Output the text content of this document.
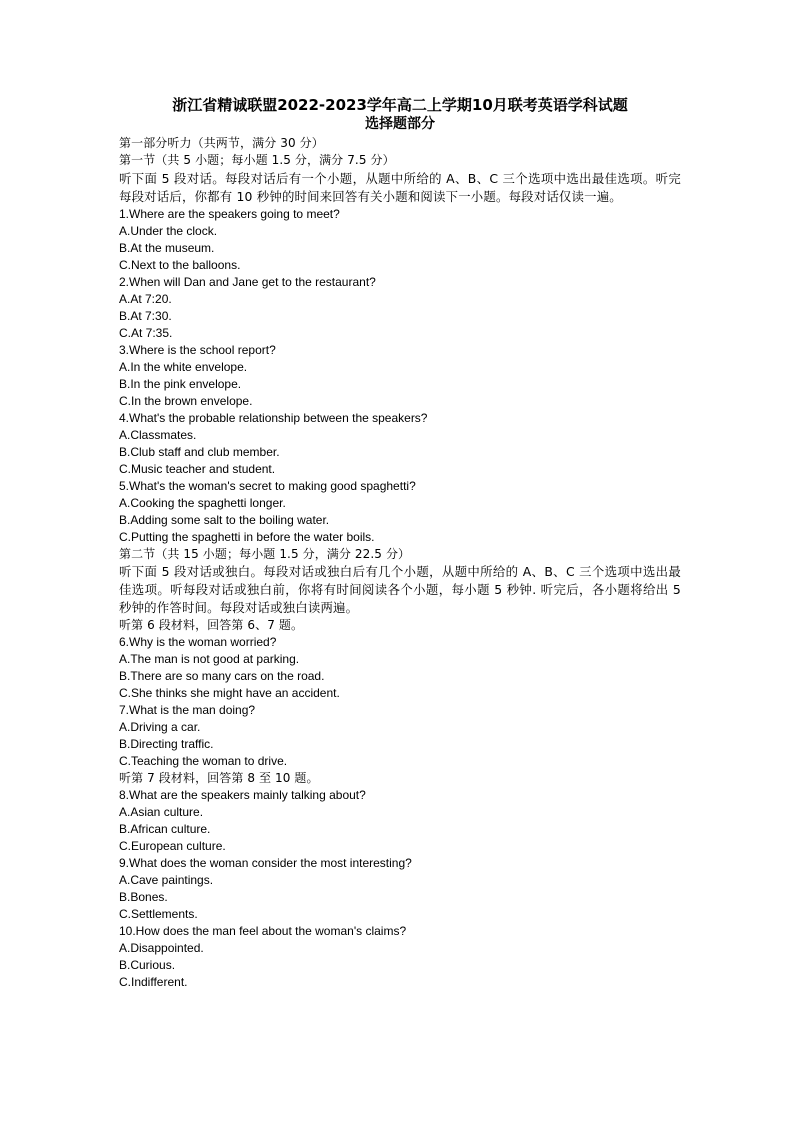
浙江省精诚联盟2022-2023学年高二上学期10月联考英语学科试题

选择题部分

第一部分听力（共两节，满分 30 分）

第一节（共 5 小题；每小题 1.5 分，满分 7.5 分）

听下面 5 段对话。每段对话后有一个小题，从题中所给的 A、B、C 三个选项中选出最佳选项。听完每段对话后，你都有 10 秒钟的时间来回答有关小题和阅读下一小题。每段对话仅读一遍。

1.Where are the speakers going to meet?

A.Under the clock.

B.At the museum.

C.Next to the balloons.

2.When will Dan and Jane get to the restaurant?

A.At 7:20.

B.At 7:30.

C.At 7:35.

3.Where is the school report?

A.In the white envelope.

B.In the pink envelope.

C.In the brown envelope.

4.What's the probable relationship between the speakers?

A.Classmates.

B.Club staff and club member.

C.Music teacher and student.

5.What's the woman's secret to making good spaghetti?

A.Cooking the spaghetti longer.

B.Adding some salt to the boiling water.

C.Putting the spaghetti in before the water boils.

第二节（共 15 小题；每小题 1.5 分，满分 22.5 分）

听下面 5 段对话或独白。每段对话或独白后有几个小题，从题中所给的 A、B、C 三个选项中选出最佳选项。听每段对话或独白前，你将有时间阅读各个小题，每小题 5 秒钟. 听完后，各小题将给出 5 秒钟的作答时间。每段对话或独白读两遍。

听第 6 段材料，回答第 6、7 题。

6.Why is the woman worried?

A.The man is not good at parking.

B.There are so many cars on the road.

C.She thinks she might have an accident.

7.What is the man doing?

A.Driving a car.

B.Directing traffic.

C.Teaching the woman to drive.

听第 7 段材料，回答第 8 至 10 题。

8.What are the speakers mainly talking about?

A.Asian culture.

B.African culture.

C.European culture.

9.What does the woman consider the most interesting?

A.Cave paintings.

B.Bones.

C.Settlements.

10.How does the man feel about the woman's claims?

A.Disappointed.

B.Curious.

C.Indifferent.
